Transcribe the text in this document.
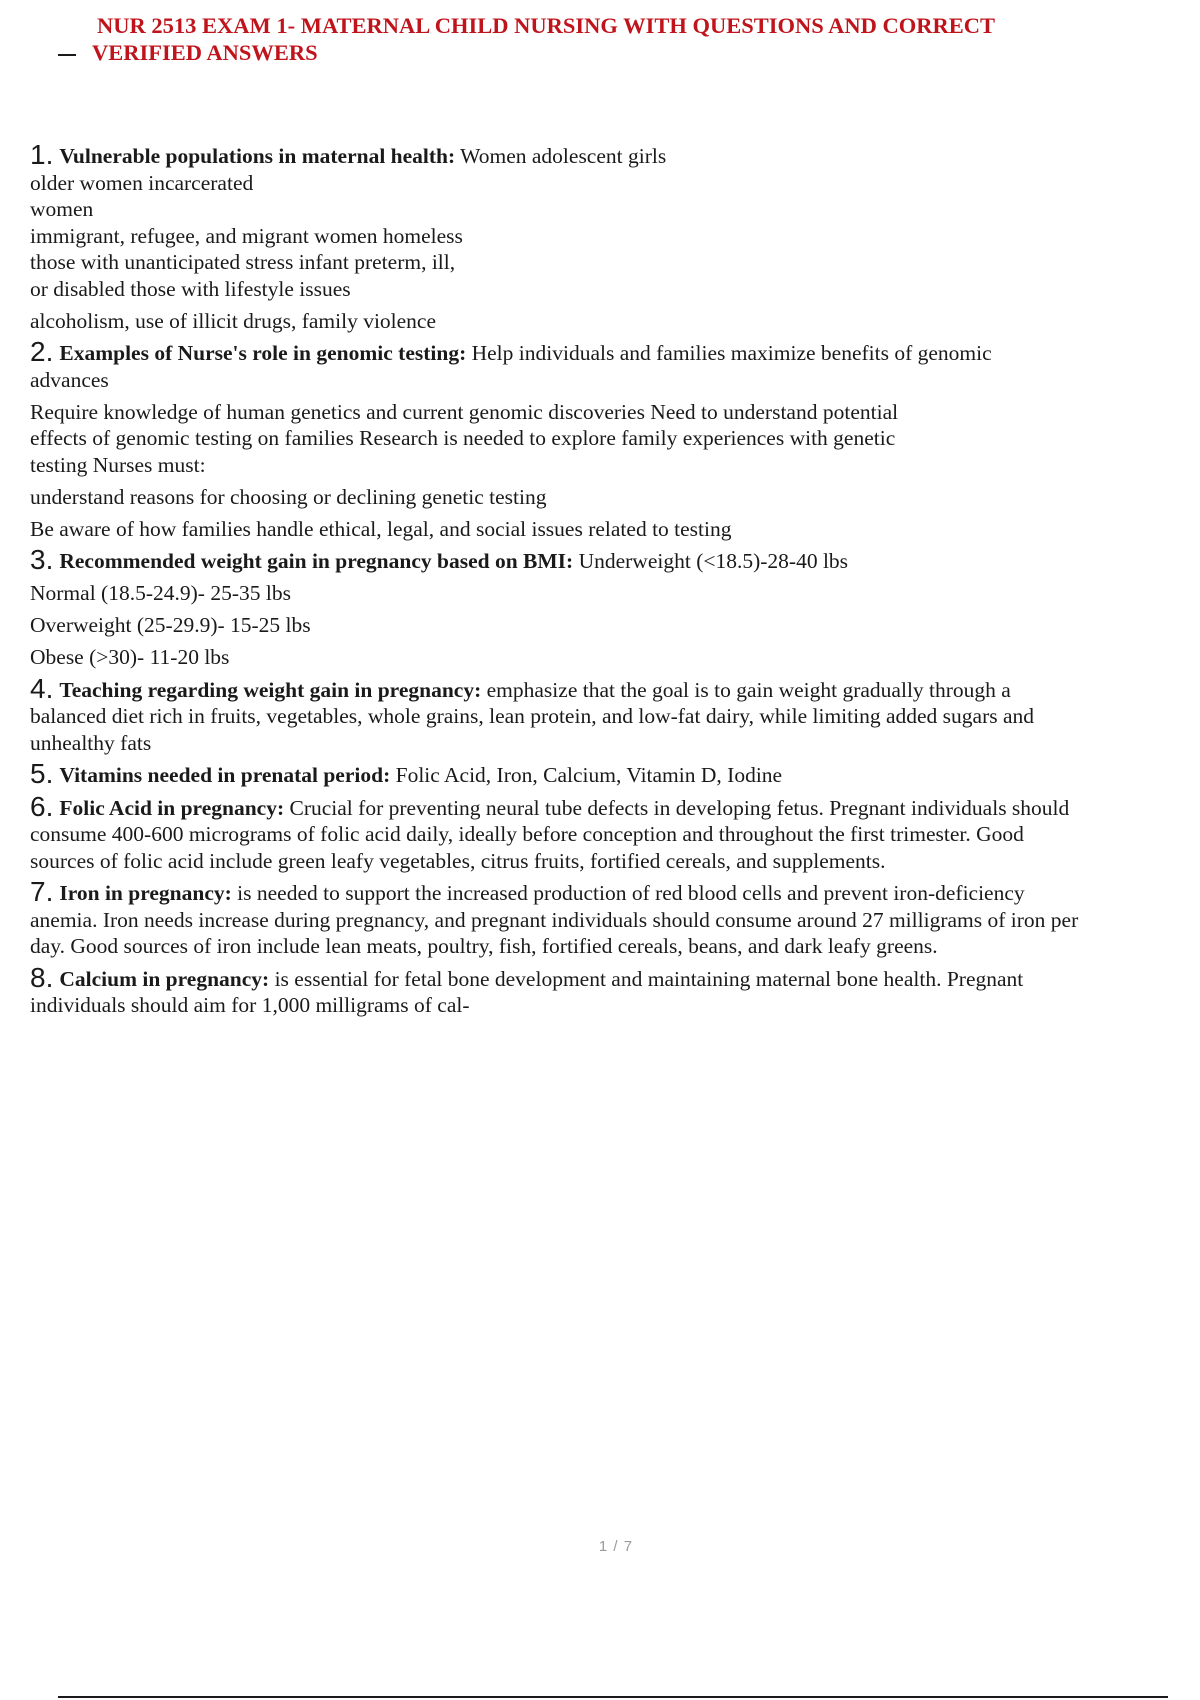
NUR 2513 EXAM 1- MATERNAL CHILD NURSING WITH QUESTIONS AND CORRECT
VERIFIED ANSWERS
1. Vulnerable populations in maternal health: Women adolescent girls
older women incarcerated
women
immigrant, refugee, and migrant women homeless
those with unanticipated stress infant preterm, ill,
or disabled those with lifestyle issues
alcoholism, use of illicit drugs, family violence
2. Examples of Nurse's role in genomic testing: Help individuals and families maximize benefits of genomic
advances
Require knowledge of human genetics and current genomic discoveries Need to understand potential
effects of genomic testing on families Research is needed to explore family experiences with genetic
testing Nurses must:
understand reasons for choosing or declining genetic testing
Be aware of how families handle ethical, legal, and social issues related to testing
3. Recommended weight gain in pregnancy based on BMI: Underweight (<18.5)-28-40 lbs
Normal (18.5-24.9)- 25-35 lbs
Overweight (25-29.9)- 15-25 lbs
Obese (>30)- 11-20 lbs
4. Teaching regarding weight gain in pregnancy: emphasize that the goal is to gain weight gradually through a
balanced diet rich in fruits, vegetables, whole grains, lean protein, and low-fat dairy, while limiting added sugars and
unhealthy fats
5. Vitamins needed in prenatal period: Folic Acid, Iron, Calcium, Vitamin D, Iodine
6. Folic Acid in pregnancy: Crucial for preventing neural tube defects in developing fetus. Pregnant individuals should
consume 400-600 micrograms of folic acid daily, ideally before conception and throughout the first trimester. Good
sources of folic acid include green leafy vegetables, citrus fruits, fortified cereals, and supplements.
7. Iron in pregnancy: is needed to support the increased production of red blood cells and prevent iron-deficiency
anemia. Iron needs increase during pregnancy, and pregnant individuals should consume around 27 milligrams of iron per
day. Good sources of iron include lean meats, poultry, fish, fortified cereals, beans, and dark leafy greens.
8. Calcium in pregnancy: is essential for fetal bone development and maintaining maternal bone health. Pregnant
individuals should aim for 1,000 milligrams of cal-
1 / 7
